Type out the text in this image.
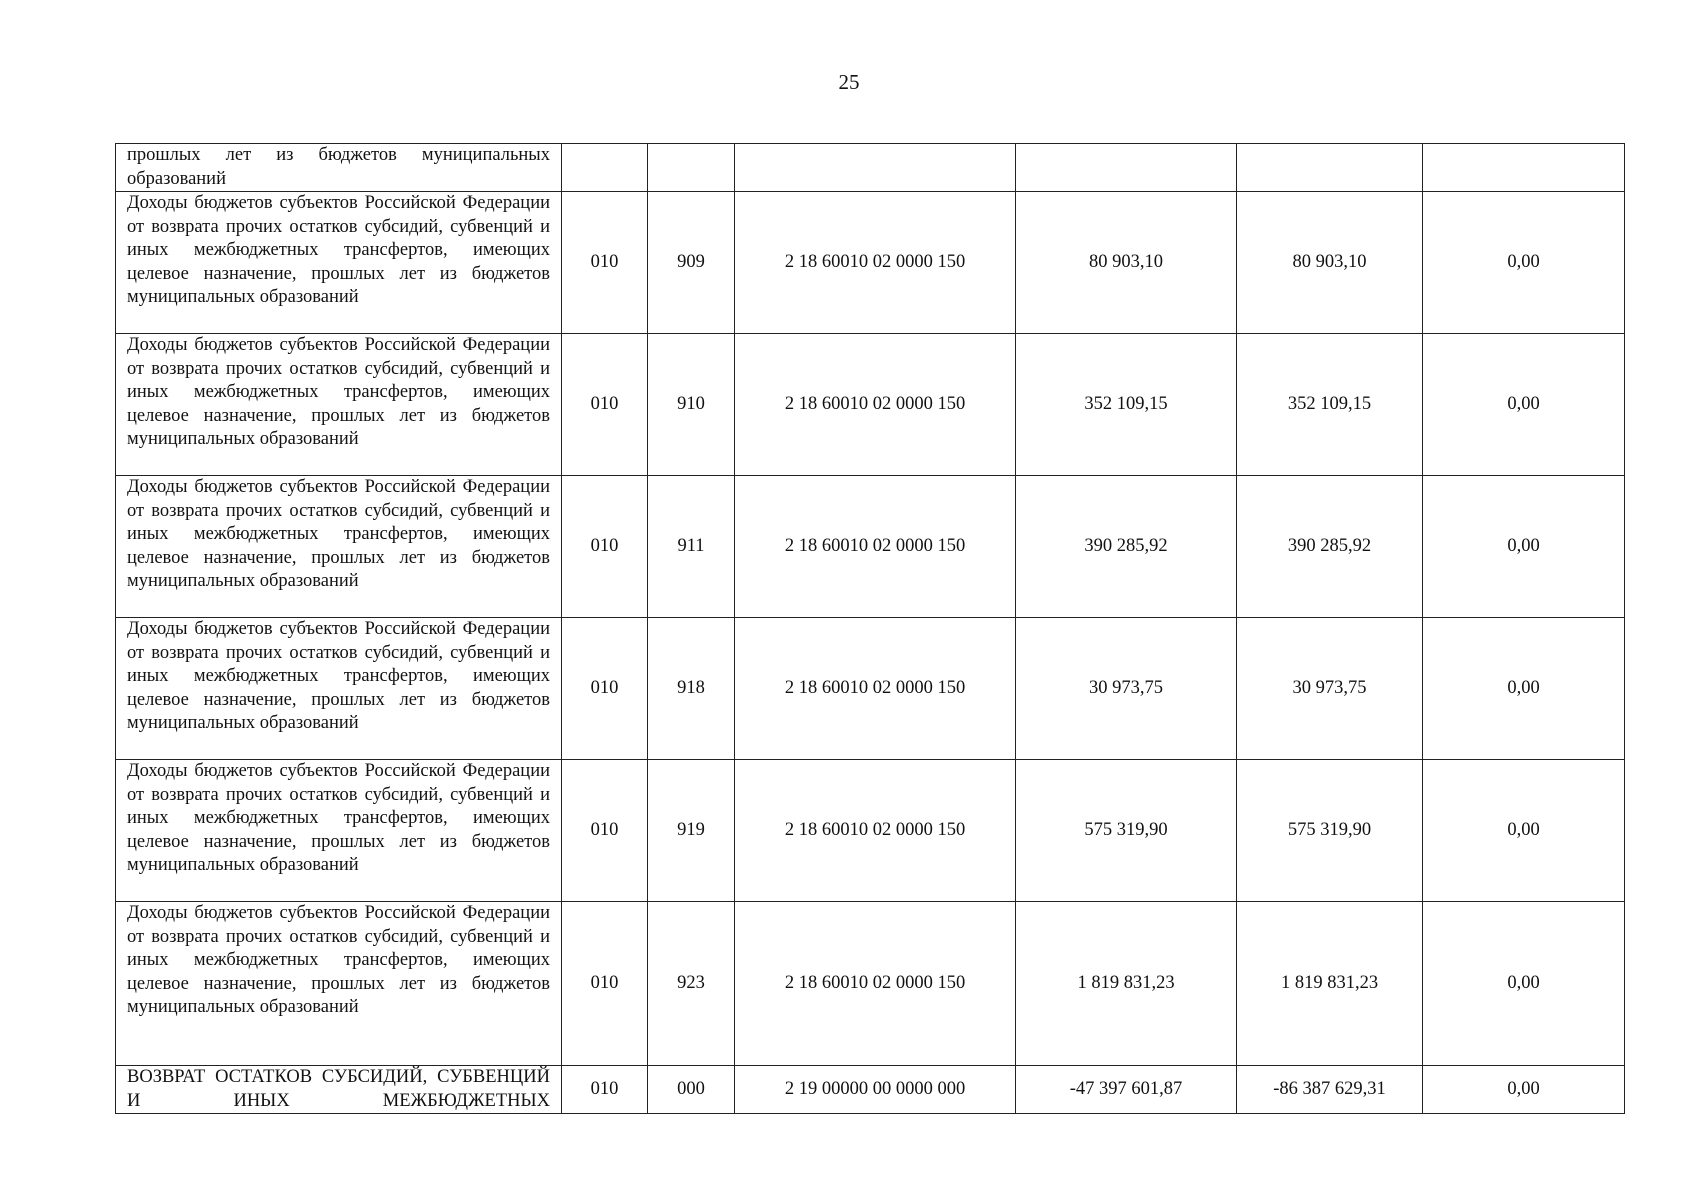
25
прошлых лет из бюджетов муниципальных образований						
Доходы бюджетов субъектов Российской Федерации от возврата прочих остатков субсидий, субвенций и иных межбюджетных трансфертов, имеющих целевое назначение, прошлых лет из бюджетов муниципальных образований	010	909	2 18 60010 02 0000 150	80 903,10	80 903,10	0,00
Доходы бюджетов субъектов Российской Федерации от возврата прочих остатков субсидий, субвенций и иных межбюджетных трансфертов, имеющих целевое назначение, прошлых лет из бюджетов муниципальных образований	010	910	2 18 60010 02 0000 150	352 109,15	352 109,15	0,00
Доходы бюджетов субъектов Российской Федерации от возврата прочих остатков субсидий, субвенций и иных межбюджетных трансфертов, имеющих целевое назначение, прошлых лет из бюджетов муниципальных образований	010	911	2 18 60010 02 0000 150	390 285,92	390 285,92	0,00
Доходы бюджетов субъектов Российской Федерации от возврата прочих остатков субсидий, субвенций и иных межбюджетных трансфертов, имеющих целевое назначение, прошлых лет из бюджетов муниципальных образований	010	918	2 18 60010 02 0000 150	30 973,75	30 973,75	0,00
Доходы бюджетов субъектов Российской Федерации от возврата прочих остатков субсидий, субвенций и иных межбюджетных трансфертов, имеющих целевое назначение, прошлых лет из бюджетов муниципальных образований	010	919	2 18 60010 02 0000 150	575 319,90	575 319,90	0,00
Доходы бюджетов субъектов Российской Федерации от возврата прочих остатков субсидий, субвенций и иных межбюджетных трансфертов, имеющих целевое назначение, прошлых лет из бюджетов муниципальных образований	010	923	2 18 60010 02 0000 150	1 819 831,23	1 819 831,23	0,00
ВОЗВРАТ ОСТАТКОВ СУБСИДИЙ, СУБВЕНЦИЙ И ИНЫХ МЕЖБЮДЖЕТНЫХ	010	000	2 19 00000 00 0000 000	-47 397 601,87	-86 387 629,31	0,00
